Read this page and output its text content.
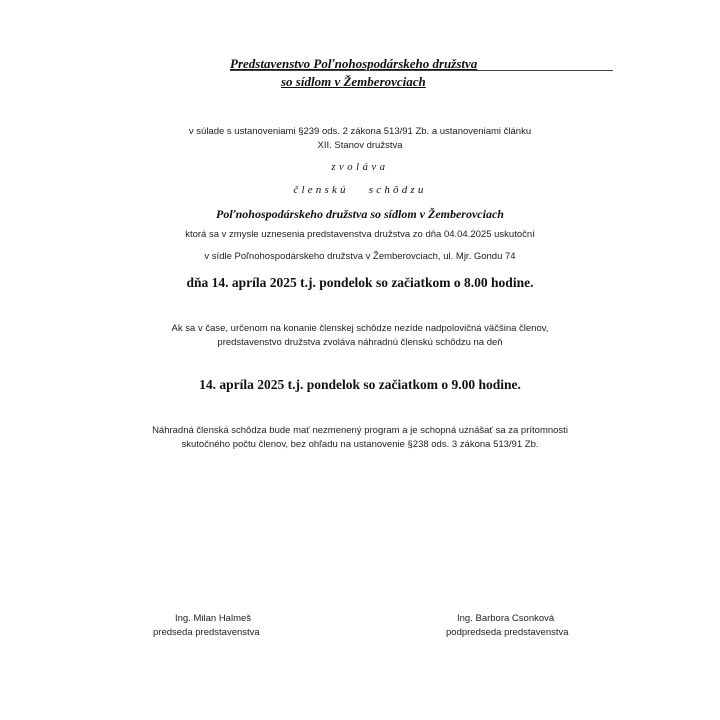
Predstavenstvo Poľnohospodárskeho družstva
so sídlom v Žemberovciach
v súlade s ustanoveniami §239 ods. 2 zákona 513/91 Zb. a ustanoveniami článku
XII. Stanov družstva
zvoláva
členskú schôdzu
Poľnohospodárskeho družstva so sídlom v Žemberovciach
ktorá sa v zmysle uznesenia predstavenstva družstva zo dňa 04.04.2025 uskutoční
v sídle Poľnohospodárskeho družstva v Žemberovciach, ul. Mjr. Gondu 74
dňa 14. apríla 2025 t.j. pondelok so začiatkom o 8.00 hodine.
Ak sa v čase, určenom na konanie členskej schôdze nezíde nadpolovičná väčšina členov,
predstavenstvo družstva zvoláva náhradnú členskú schôdzu na deň
14. apríla 2025 t.j. pondelok so začiatkom o 9.00 hodine.
Náhradná členská schôdza bude mať nezmenený program a je schopná uznášať sa za prítomnosti
skutočného počtu členov, bez ohľadu na ustanovenie §238 ods. 3 zákona 513/91 Zb.
Ing. Milan Halmeš
predseda predstavenstva
Ing. Barbora Csonková
podpredseda predstavenstva
